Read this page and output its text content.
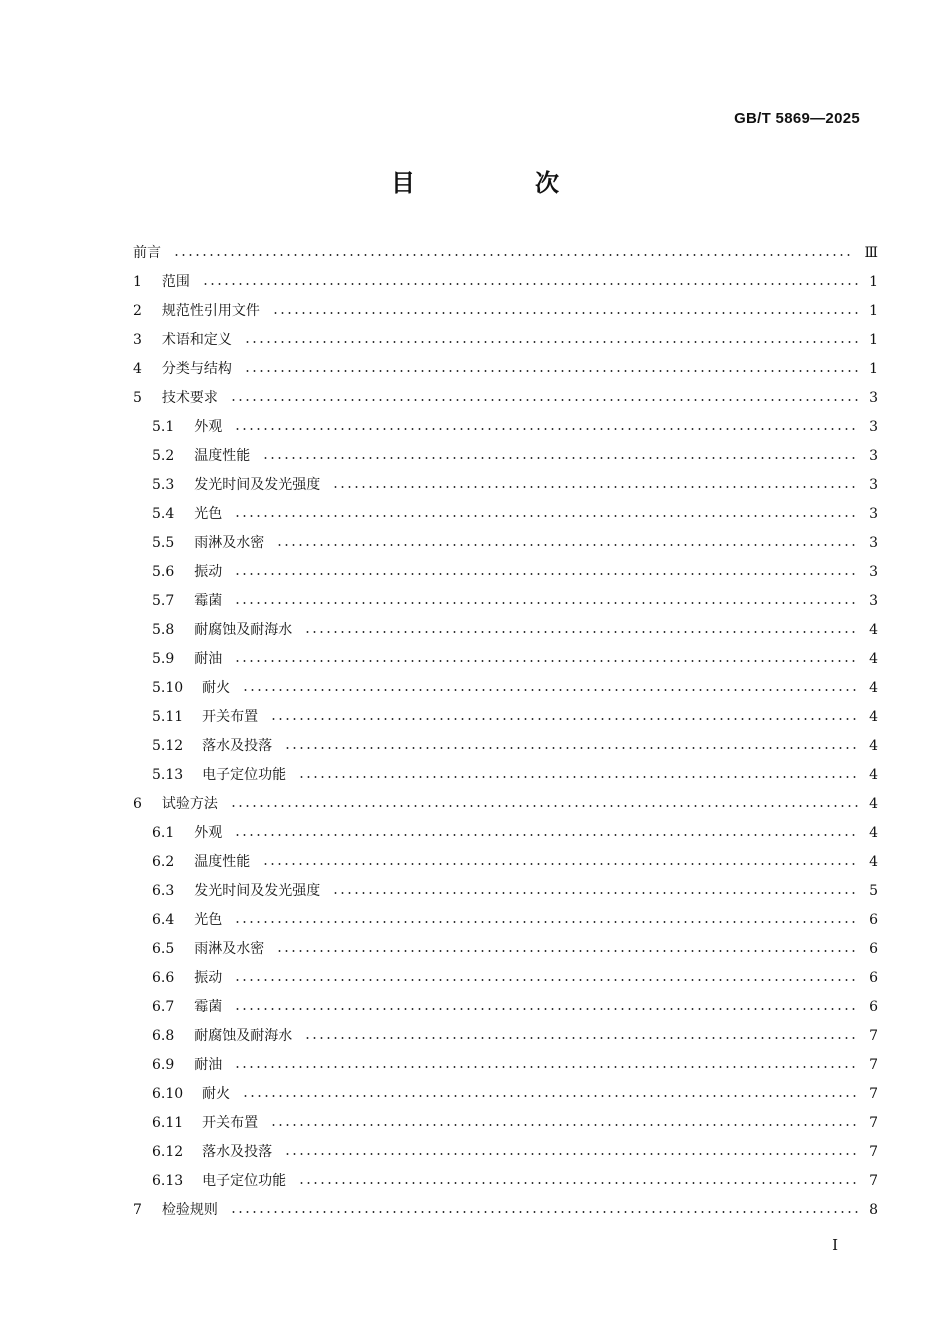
GB/T 5869—2025
目　次
前言	Ⅲ
1 范围	1
2 规范性引用文件	1
3 术语和定义	1
4 分类与结构	1
5 技术要求	3
5.1 外观	3
5.2 温度性能	3
5.3 发光时间及发光强度	3
5.4 光色	3
5.5 雨淋及水密	3
5.6 振动	3
5.7 霉菌	3
5.8 耐腐蚀及耐海水	4
5.9 耐油	4
5.10 耐火	4
5.11 开关布置	4
5.12 落水及投落	4
5.13 电子定位功能	4
6 试验方法	4
6.1 外观	4
6.2 温度性能	4
6.3 发光时间及发光强度	5
6.4 光色	6
6.5 雨淋及水密	6
6.6 振动	6
6.7 霉菌	6
6.8 耐腐蚀及耐海水	7
6.9 耐油	7
6.10 耐火	7
6.11 开关布置	7
6.12 落水及投落	7
6.13 电子定位功能	7
7 检验规则	8
I
